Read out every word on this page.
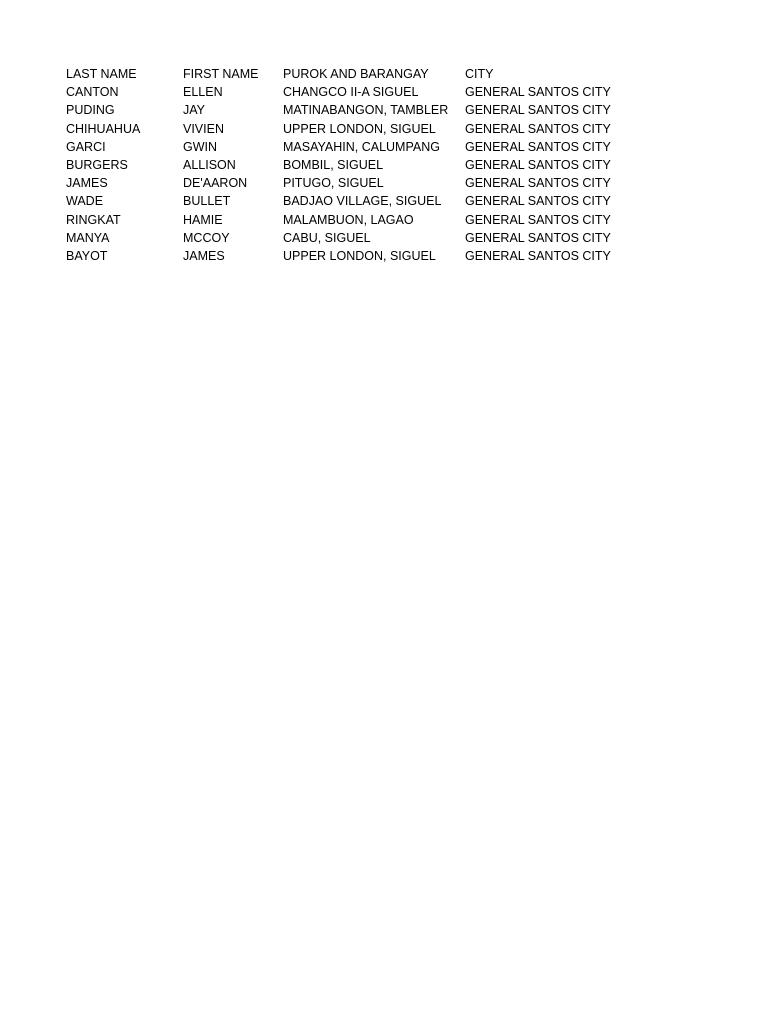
LAST NAME	FIRST NAME	PUROK AND BARANGAY	CITY
CANTON	ELLEN	CHANGCO II-A SIGUEL	GENERAL SANTOS CITY
PUDING	JAY	MATINABANGON, TAMBLER	GENERAL SANTOS CITY
CHIHUAHUA	VIVIEN	UPPER LONDON, SIGUEL	GENERAL SANTOS CITY
GARCI	GWIN	MASAYAHIN, CALUMPANG	GENERAL SANTOS CITY
BURGERS	ALLISON	BOMBIL, SIGUEL	GENERAL SANTOS CITY
JAMES	DE'AARON	PITUGO, SIGUEL	GENERAL SANTOS CITY
WADE	BULLET	BADJAO VILLAGE, SIGUEL	GENERAL SANTOS CITY
RINGKAT	HAMIE	MALAMBUON, LAGAO	GENERAL SANTOS CITY
MANYA	MCCOY	CABU, SIGUEL	GENERAL SANTOS CITY
BAYOT	JAMES	UPPER LONDON, SIGUEL	GENERAL SANTOS CITY
